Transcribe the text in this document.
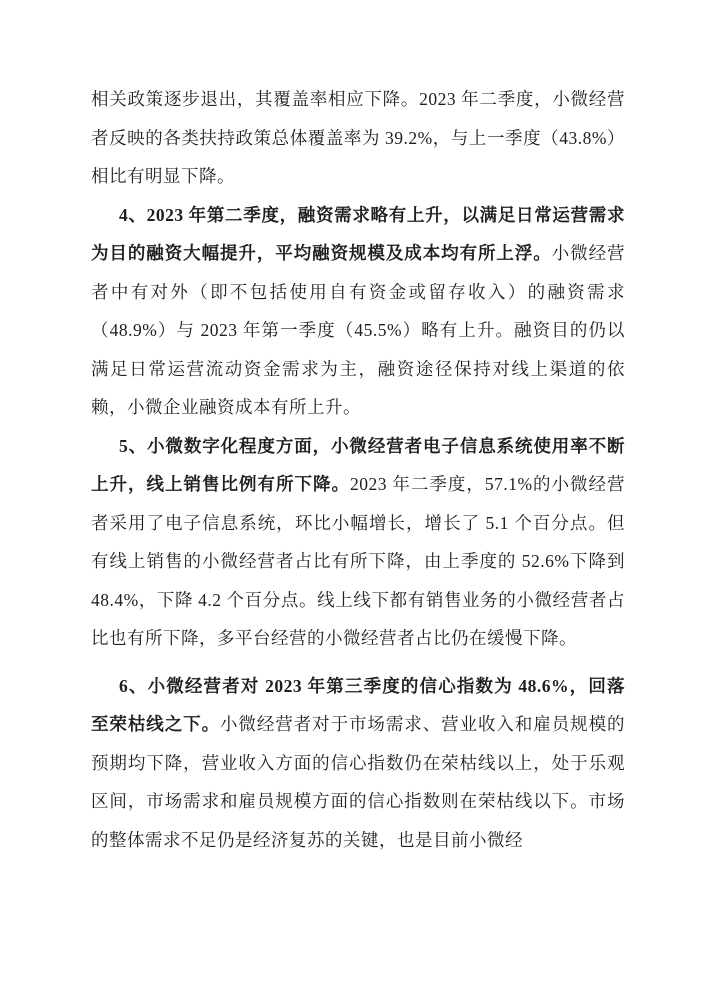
相关政策逐步退出，其覆盖率相应下降。2023 年二季度，小微经营者反映的各类扶持政策总体覆盖率为 39.2%，与上一季度（43.8%）相比有明显下降。

4、2023 年第二季度，融资需求略有上升，以满足日常运营需求为目的融资大幅提升，平均融资规模及成本均有所上浮。小微经营者中有对外（即不包括使用自有资金或留存收入）的融资需求（48.9%）与 2023 年第一季度（45.5%）略有上升。融资目的仍以满足日常运营流动资金需求为主，融资途径保持对线上渠道的依赖，小微企业融资成本有所上升。

5、小微数字化程度方面，小微经营者电子信息系统使用率不断上升，线上销售比例有所下降。2023 年二季度，57.1%的小微经营者采用了电子信息系统，环比小幅增长，增长了 5.1 个百分点。但有线上销售的小微经营者占比有所下降，由上季度的 52.6%下降到 48.4%，下降 4.2 个百分点。线上线下都有销售业务的小微经营者占比也有所下降，多平台经营的小微经营者占比仍在缓慢下降。

6、小微经营者对 2023 年第三季度的信心指数为 48.6%，回落至荣枯线之下。小微经营者对于市场需求、营业收入和雇员规模的预期均下降，营业收入方面的信心指数仍在荣枯线以上，处于乐观区间，市场需求和雇员规模方面的信心指数则在荣枯线以下。市场的整体需求不足仍是经济复苏的关键，也是目前小微经
